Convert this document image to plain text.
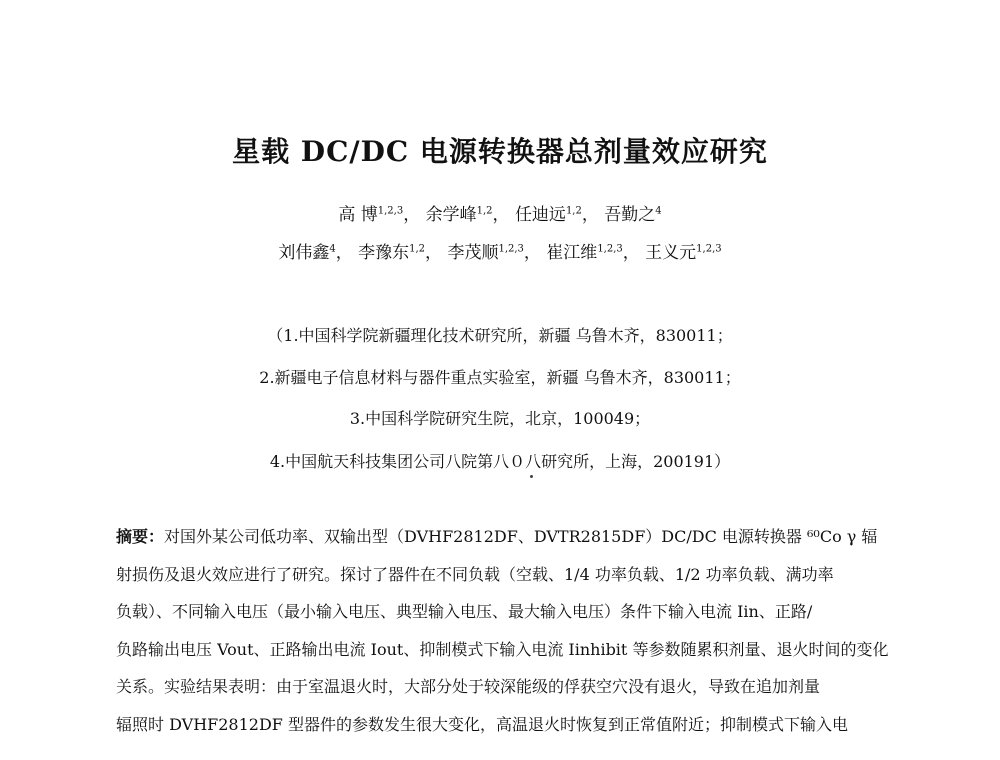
星载 DC/DC 电源转换器总剂量效应研究
高 博$^{1,2,3}$， 余学峰$^{1,2}$， 任迪远$^{1,2}$， 吾勤之$^4$
刘伟鑫$^4$， 李豫东$^{1,2}$， 李茂顺$^{1,2,3}$， 崔江维$^{1,2,3}$， 王义元$^{1,2,3}$
（1.中国科学院新疆理化技术研究所，新疆 乌鲁木齐，830011；
2.新疆电子信息材料与器件重点实验室，新疆 乌鲁木齐，830011；
3.中国科学院研究生院，北京，100049；
4.中国航天科技集团公司八院第八０八研究所，上海，200191）
摘要：对国外某公司低功率、双输出型（DVHF2812DF、DVTR2815DF）DC/DC 电源转换器 ⁶⁰Co γ 辐
射损伤及退火效应进行了研究。探讨了器件在不同负载（空载、1/4 功率负载、1/2 功率负载、满功率
负载）、不同输入电压（最小输入电压、典型输入电压、最大输入电压）条件下输入电流 Iin、正路/
负路输出电压 Vout、正路输出电流 Iout、抑制模式下输入电流 Iinhibit 等参数随累积剂量、退火时间的变化
关系。实验结果表明：由于室温退火时，大部分处于较深能级的俘获空穴没有退火，导致在追加剂量
辐照时 DVHF2812DF 型器件的参数发生很大变化，高温退火时恢复到正常值附近；抑制模式下输入电
